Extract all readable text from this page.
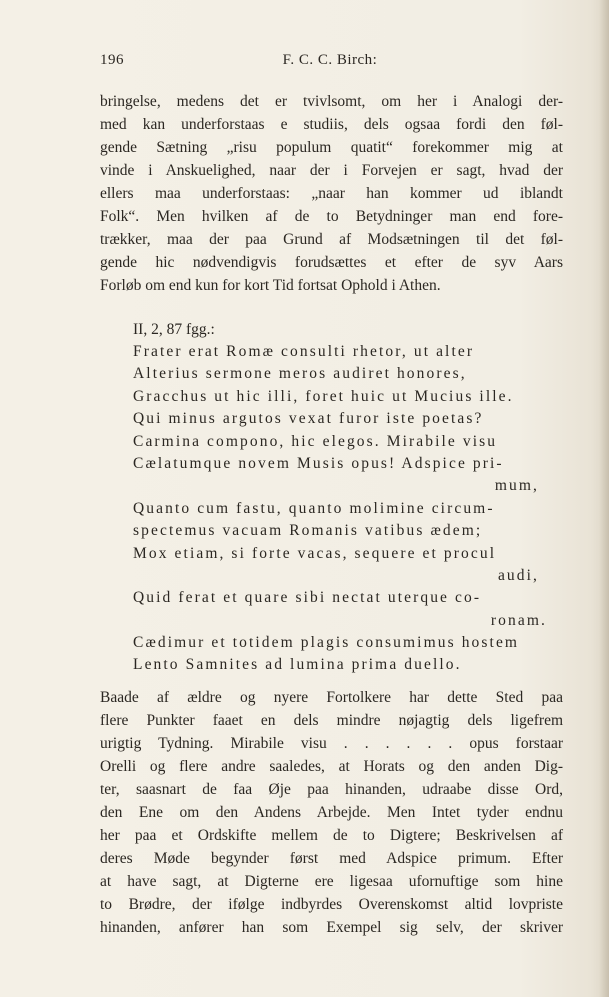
196	F. C. C. Birch:
bringelse, medens det er tvivlsomt, om her i Analogi der-
med kan underforstaas e studiis, dels ogsaa fordi den føl-
gende Sætning „risu populum quatit“ forekommer mig at
vinde i Anskuelighed, naar der i Forvejen er sagt, hvad der
ellers maa underforstaas: „naar han kommer ud iblandt
Folk“. Men hvilken af de to Betydninger man end fore-
trækker, maa der paa Grund af Modsætningen til det føl-
gende hic nødvendigvis forudsættes et efter de syv Aars
Forløb om end kun for kort Tid fortsat Ophold i Athen.
II, 2, 87 fgg.:
Frater erat Romæ consulti rhetor, ut alter
Alterius sermone meros audiret honores,
Gracchus ut hic illi, foret huic ut Mucius ille.
Qui minus argutos vexat furor iste poetas?
Carmina compono, hic elegos. Mirabile visu
Cælatumque novem Musis opus! Adspice pri-
mum,
Quanto cum fastu, quanto molimine circum-
spectemus vacuam Romanis vatibus ædem;
Mox etiam, si forte vacas, sequere et procul
audi,
Quid ferat et quare sibi nectat uterque co-
ronam.
Cædimur et totidem plagis consumimus hostem
Lento Samnites ad lumina prima duello.
Baade af ældre og nyere Fortolkere har dette Sted paa
flere Punkter faaet en dels mindre nøjagtig dels ligefrem
urigtig Tydning. Mirabile visu . . . . . . opus forstaar
Orelli og flere andre saaledes, at Horats og den anden Dig-
ter, saasnart de faa Øje paa hinanden, udraabe disse Ord,
den Ene om den Andens Arbejde. Men Intet tyder endnu
her paa et Ordskifte mellem de to Digtere; Beskrivelsen af
deres Møde begynder først med Adspice primum. Efter
at have sagt, at Digterne ere ligesaa ufornuftige som hine
to Brødre, der ifølge indbyrdes Overenskomst altid lovpriste
hinanden, anfører han som Exempel sig selv, der skriver
